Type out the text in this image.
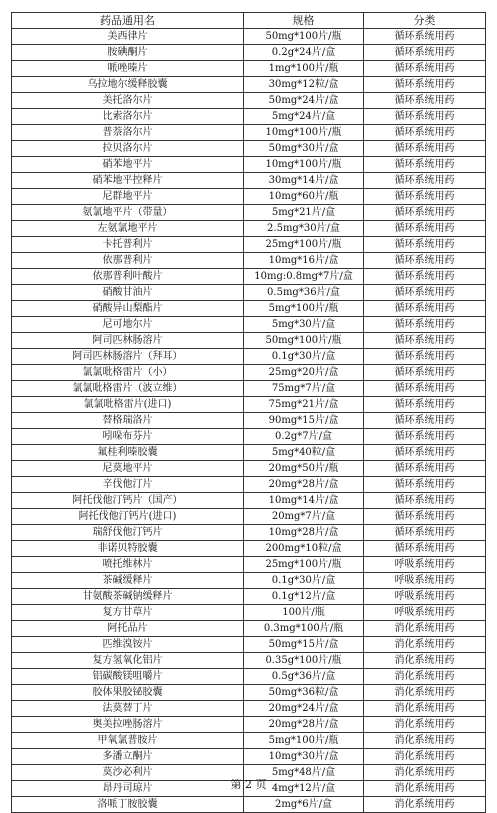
药品通用名	规格	分类
美西律片	50mg*100片/瓶	循环系统用药
胺碘酮片	0.2g*24片/盒	循环系统用药
哌唑嗪片	1mg*100片/瓶	循环系统用药
乌拉地尔缓释胶囊	30mg*12粒/盒	循环系统用药
美托洛尔片	50mg*24片/盒	循环系统用药
比索洛尔片	5mg*24片/盒	循环系统用药
普萘洛尔片	10mg*100片/瓶	循环系统用药
拉贝洛尔片	50mg*30片/盒	循环系统用药
硝苯地平片	10mg*100片/瓶	循环系统用药
硝苯地平控释片	30mg*14片/盒	循环系统用药
尼群地平片	10mg*60片/瓶	循环系统用药
氨氯地平片（带量）	5mg*21片/盒	循环系统用药
左氨氯地平片	2.5mg*30片/盒	循环系统用药
卡托普利片	25mg*100片/瓶	循环系统用药
依那普利片	10mg*16片/盒	循环系统用药
依那普利叶酸片	10mg:0.8mg*7片/盒	循环系统用药
硝酸甘油片	0.5mg*36片/盒	循环系统用药
硝酸异山梨酯片	5mg*100片/瓶	循环系统用药
尼可地尔片	5mg*30片/盒	循环系统用药
阿司匹林肠溶片	50mg*100片/瓶	循环系统用药
阿司匹林肠溶片（拜耳）	0.1g*30片/盒	循环系统用药
氯氯吡格雷片（小）	25mg*20片/盒	循环系统用药
氯氯吡格雷片（波立维）	75mg*7片/盒	循环系统用药
氯氯吡格雷片(进口)	75mg*21片/盒	循环系统用药
替格瑞洛片	90mg*15片/盒	循环系统用药
吲哚布芬片	0.2g*7片/盒	循环系统用药
氟桂利嗪胶囊	5mg*40粒/盒	循环系统用药
尼莫地平片	20mg*50片/瓶	循环系统用药
辛伐他汀片	20mg*28片/盒	循环系统用药
阿托伐他汀钙片（国产）	10mg*14片/盒	循环系统用药
阿托伐他汀钙片(进口)	20mg*7片/盒	循环系统用药
瑞舒伐他汀钙片	10mg*28片/盒	循环系统用药
非诺贝特胶囊	200mg*10粒/盒	循环系统用药
喷托维林片	25mg*100片/瓶	呼吸系统用药
茶碱缓释片	0.1g*30片/盒	呼吸系统用药
甘氨酸茶碱钠缓释片	0.1g*12片/盒	呼吸系统用药
复方甘草片	100片/瓶	呼吸系统用药
阿托品片	0.3mg*100片/瓶	消化系统用药
匹维溴铵片	50mg*15片/盒	消化系统用药
复方氢氧化铝片	0.35g*100片/瓶	消化系统用药
铝碳酸镁咀嚼片	0.5g*36片/盒	消化系统用药
胶体果胶铋胶囊	50mg*36粒/盒	消化系统用药
法莫替丁片	20mg*24片/盒	消化系统用药
奥美拉唑肠溶片	20mg*28片/盒	消化系统用药
甲氧氯普胺片	5mg*100片/瓶	消化系统用药
多潘立酮片	10mg*30片/盒	消化系统用药
莫沙必利片	5mg*48片/盒	消化系统用药
昂丹司琼片	4mg*12片/盒	消化系统用药
洛哌丁胺胶囊	2mg*6片/盒	消化系统用药
第 2 页
